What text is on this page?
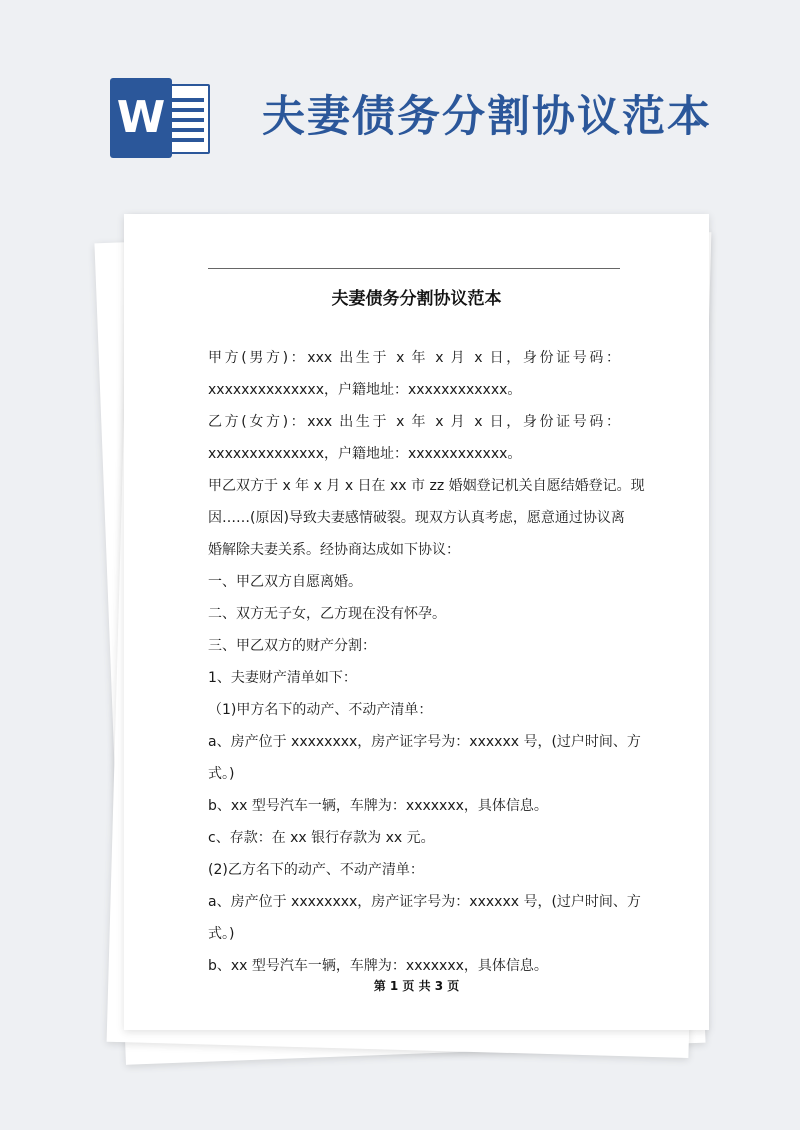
W 夫妻债务分割协议范本
夫妻债务分割协议范本
甲方(男方)：xxx 出生于 x 年 x 月 x 日，身份证号码：
xxxxxxxxxxxxxx，户籍地址：xxxxxxxxxxxx。
乙方(女方)：xxx 出生于 x 年 x 月 x 日，身份证号码：
xxxxxxxxxxxxxx，户籍地址：xxxxxxxxxxxx。
甲乙双方于 x 年 x 月 x 日在 xx 市 zz 婚姻登记机关自愿结婚登记。现
因……(原因)导致夫妻感情破裂。现双方认真考虑，愿意通过协议离
婚解除夫妻关系。经协商达成如下协议：
一、甲乙双方自愿离婚。
二、双方无子女，乙方现在没有怀孕。
三、甲乙双方的财产分割：
1、夫妻财产清单如下：
（1)甲方名下的动产、不动产清单：
a、房产位于 xxxxxxxx，房产证字号为：xxxxxx 号，(过户时间、方
式。)
b、xx 型号汽车一辆，车牌为：xxxxxxx，具体信息。
c、存款：在 xx 银行存款为 xx 元。
(2)乙方名下的动产、不动产清单：
a、房产位于 xxxxxxxx，房产证字号为：xxxxxx 号，(过户时间、方
式。)
b、xx 型号汽车一辆，车牌为：xxxxxxx，具体信息。
第 1 页 共 3 页
